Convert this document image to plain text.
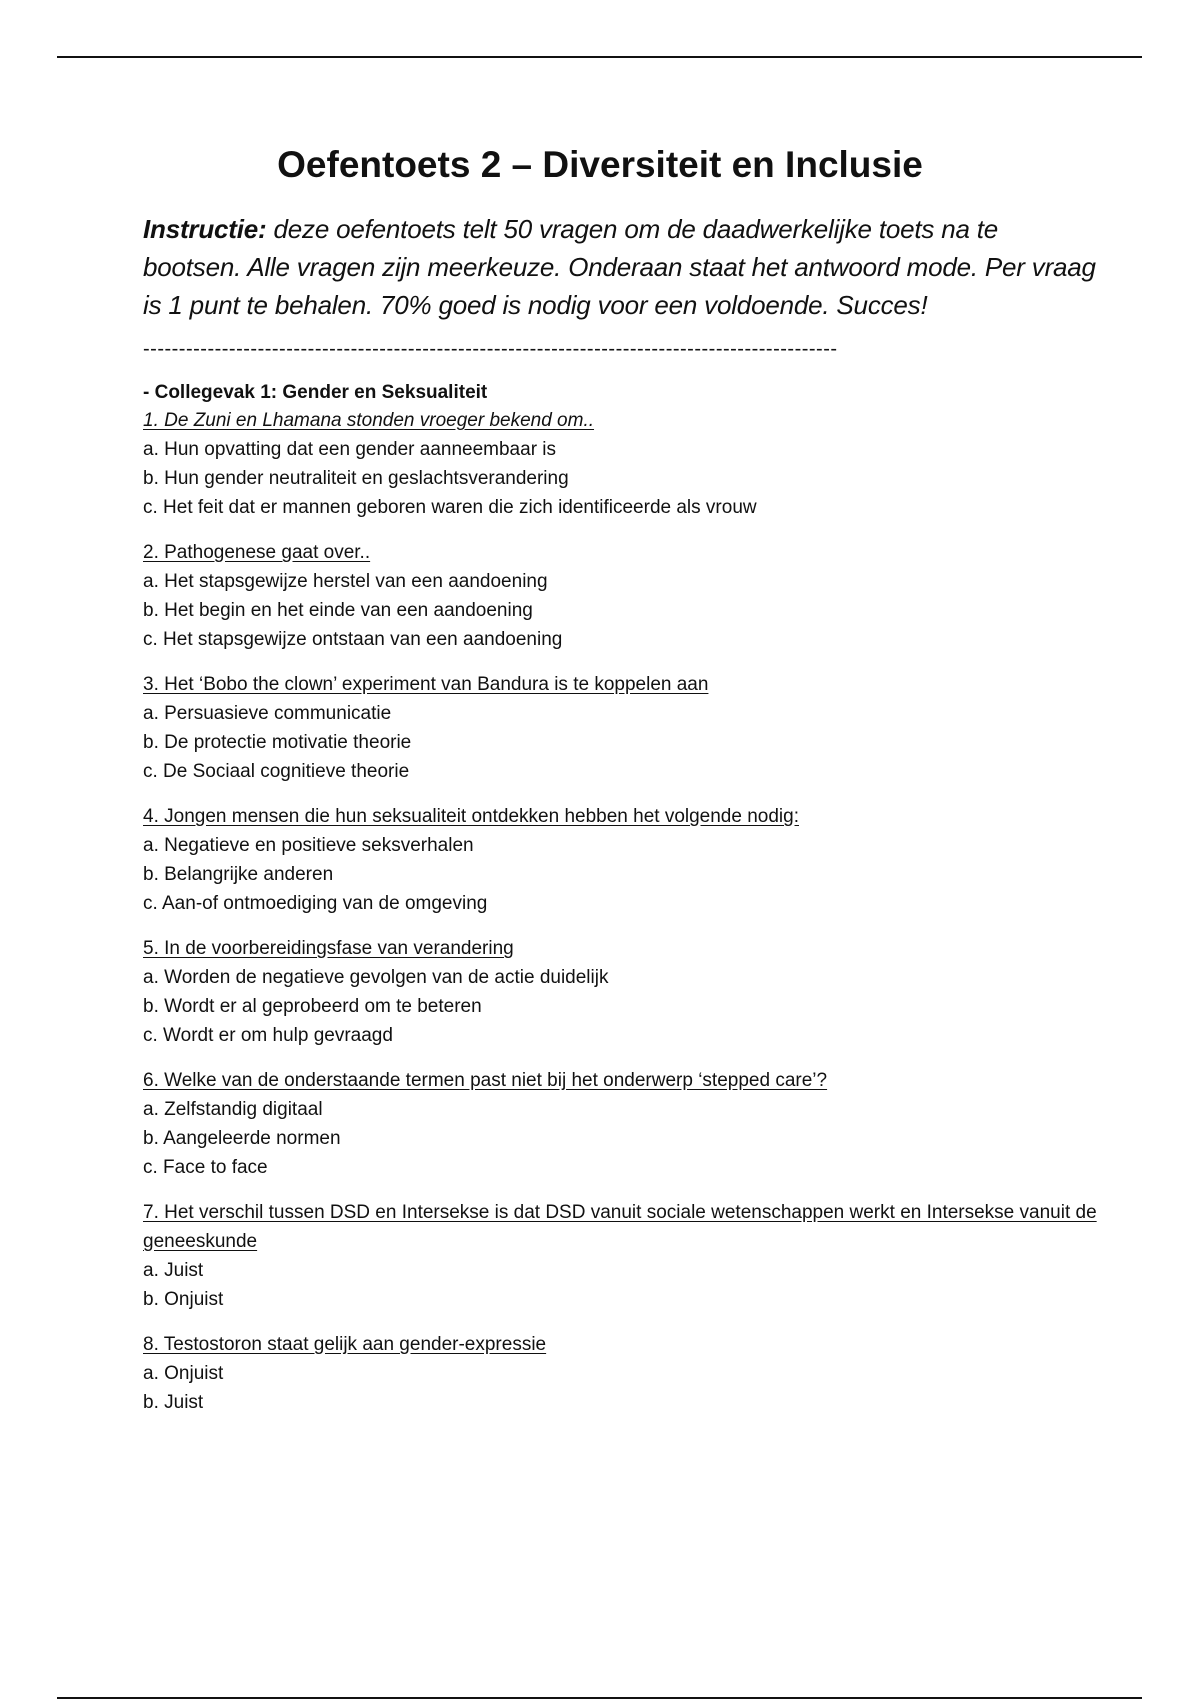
Oefentoets 2 – Diversiteit en Inclusie

Instructie: deze oefentoets telt 50 vragen om de daadwerkelijke toets na te bootsen. Alle vragen zijn meerkeuze. Onderaan staat het antwoord mode. Per vraag is 1 punt te behalen. 70% goed is nodig voor een voldoende. Succes!

-------------------------------------------------------------------------------------------------
- Collegevak 1: Gender en Seksualiteit
1. De Zuni en Lhamana stonden vroeger bekend om..
a. Hun opvatting dat een gender aanneembaar is
b. Hun gender neutraliteit en geslachtsverandering
c. Het feit dat er mannen geboren waren die zich identificeerde als vrouw
2. Pathogenese gaat over..
a. Het stapsgewijze herstel van een aandoening
b. Het begin en het einde van een aandoening
c. Het stapsgewijze ontstaan van een aandoening
3. Het ‘Bobo the clown’ experiment van Bandura is te koppelen aan
a. Persuasieve communicatie
b. De protectie motivatie theorie
c. De Sociaal cognitieve theorie
4. Jongen mensen die hun seksualiteit ontdekken hebben het volgende nodig:
a. Negatieve en positieve seksverhalen
b. Belangrijke anderen
c. Aan-of ontmoediging van de omgeving
5. In de voorbereidingsfase van verandering
a. Worden de negatieve gevolgen van de actie duidelijk
b. Wordt er al geprobeerd om te beteren
c. Wordt er om hulp gevraagd
6. Welke van de onderstaande termen past niet bij het onderwerp ‘stepped care’?
a. Zelfstandig digitaal
b. Aangeleerde normen
c. Face to face
7. Het verschil tussen DSD en Intersekse is dat DSD vanuit sociale wetenschappen werkt en Intersekse vanuit de geneeskunde
a. Juist
b. Onjuist
8. Testostoron staat gelijk aan gender-expressie
a. Onjuist
b. Juist
